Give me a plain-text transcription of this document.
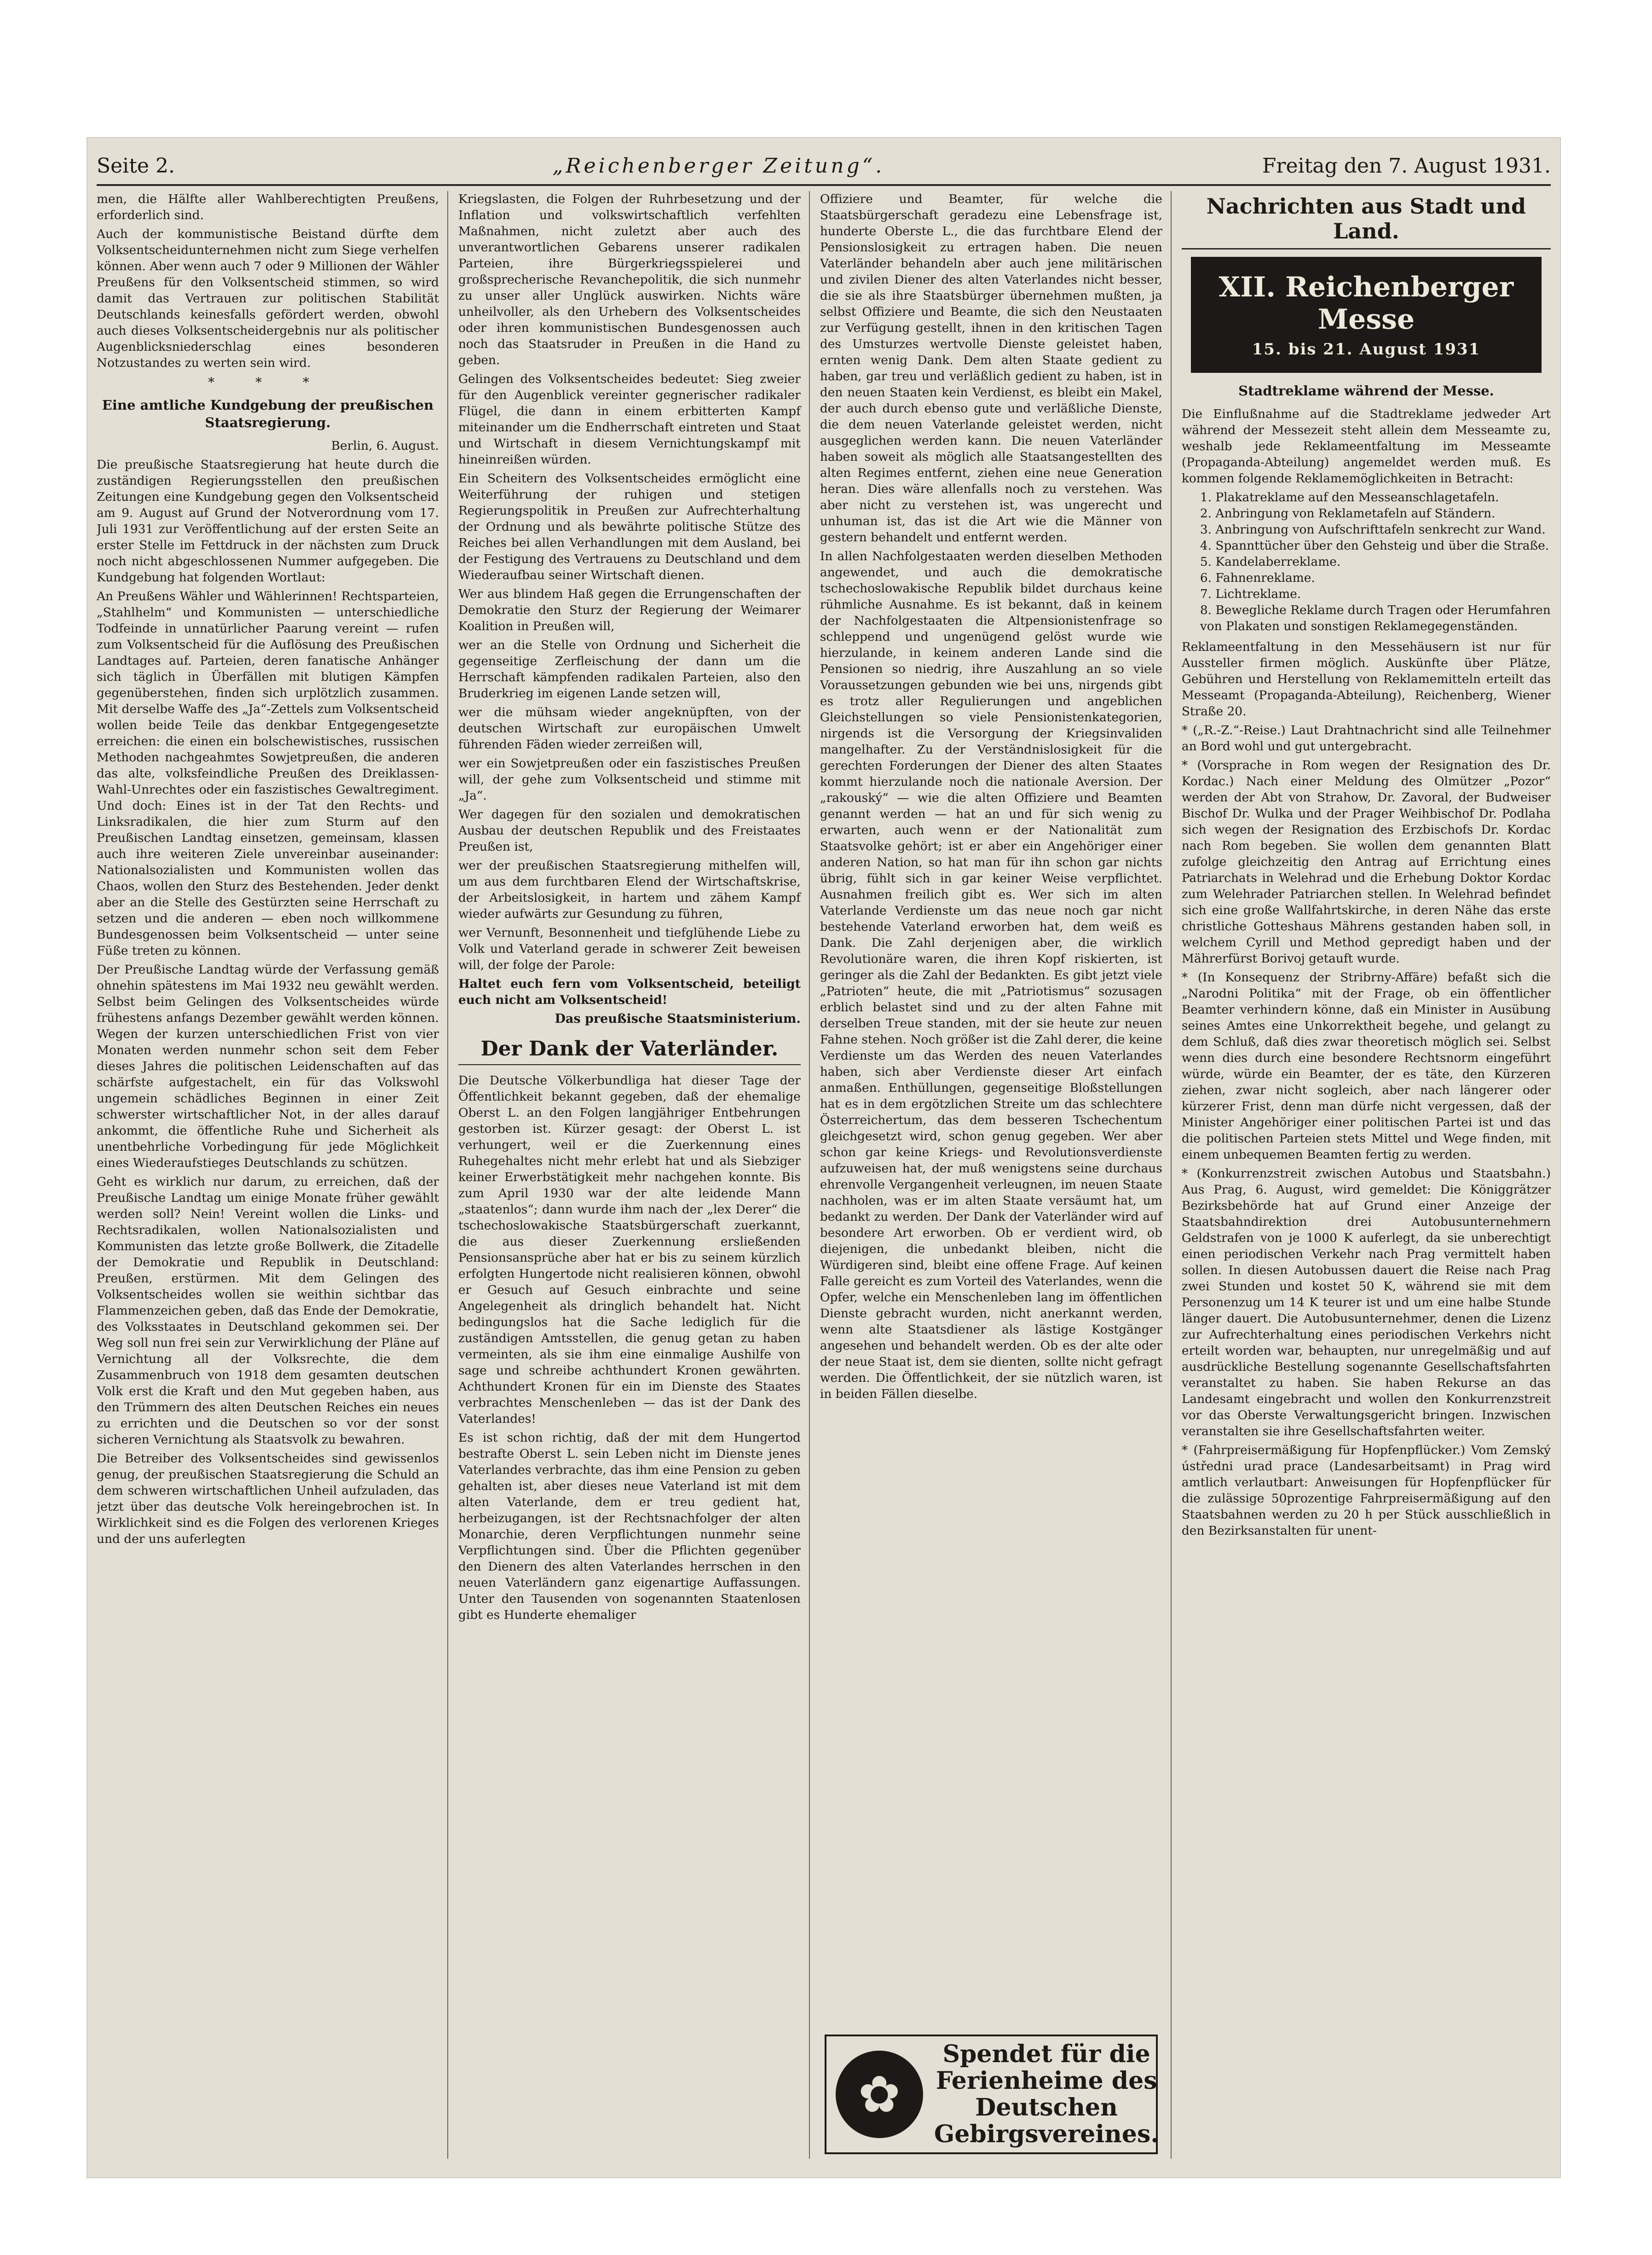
Seite 2.	„Reichenberger Zeitung“.	Freitag den 7. August 1931.

men, die Hälfte aller Wahlberechtigten Preußens, erforderlich sind.

Auch der kommunistische Beistand dürfte dem Volksentscheidunternehmen nicht zum Siege verhelfen können. Aber wenn auch 7 oder 9 Millionen der Wähler Preußens für den Volksentscheid stimmen, so wird damit das Vertrauen zur politischen Stabilität Deutschlands keinesfalls gefördert werden, obwohl auch dieses Volksentscheidergebnis nur als politischer Augenblicksniederschlag eines besonderen Notzustandes zu werten sein wird.

* * *
Eine amtliche Kundgebung der preußischen Staatsregierung.

Berlin, 6. August.

Die preußische Staatsregierung hat heute durch die zuständigen Regierungsstellen den preußischen Zeitungen eine Kundgebung gegen den Volksentscheid am 9. August auf Grund der Notverordnung vom 17. Juli 1931 zur Veröffentlichung auf der ersten Seite an erster Stelle im Fettdruck in der nächsten zum Druck noch nicht abgeschlossenen Nummer aufgegeben. Die Kundgebung hat folgenden Wortlaut:

An Preußens Wähler und Wählerinnen! Rechtsparteien, „Stahlhelm“ und Kommunisten — unterschiedliche Todfeinde in unnatürlicher Paarung vereint — rufen zum Volksentscheid für die Auflösung des Preußischen Landtages auf. Parteien, deren fanatische Anhänger sich täglich in Überfällen mit blutigen Kämpfen gegenüberstehen, finden sich urplötzlich zusammen. Mit derselbe Waffe des „Ja“-Zettels zum Volksentscheid wollen beide Teile das denkbar Entgegengesetzte erreichen: die einen ein bolschewistisches, russischen Methoden nachgeahmtes Sowjetpreußen, die anderen das alte, volksfeindliche Preußen des Dreiklassen-Wahl-Unrechtes oder ein faszistisches Gewaltregiment. Und doch: Eines ist in der Tat den Rechts- und Linksradikalen, die hier zum Sturm auf den Preußischen Landtag einsetzen, gemeinsam, klassen auch ihre weiteren Ziele unvereinbar auseinander: Nationalsozialisten und Kommunisten wollen das Chaos, wollen den Sturz des Bestehenden. Jeder denkt aber an die Stelle des Gestürzten seine Herrschaft zu setzen und die anderen — eben noch willkommene Bundesgenossen beim Volksentscheid — unter seine Füße treten zu können.

Der Preußische Landtag würde der Verfassung gemäß ohnehin spätestens im Mai 1932 neu gewählt werden. Selbst beim Gelingen des Volksentscheides würde frühestens anfangs Dezember gewählt werden können. Wegen der kurzen unterschiedlichen Frist von vier Monaten werden nunmehr schon seit dem Feber dieses Jahres die politischen Leidenschaften auf das schärfste aufgestachelt, ein für das Volkswohl ungemein schädliches Beginnen in einer Zeit schwerster wirtschaftlicher Not, in der alles darauf ankommt, die öffentliche Ruhe und Sicherheit als unentbehrliche Vorbedingung für jede Möglichkeit eines Wiederaufstieges Deutschlands zu schützen.

Geht es wirklich nur darum, zu erreichen, daß der Preußische Landtag um einige Monate früher gewählt werden soll? Nein! Vereint wollen die Links- und Rechtsradikalen, wollen Nationalsozialisten und Kommunisten das letzte große Bollwerk, die Zitadelle der Demokratie und Republik in Deutschland: Preußen, erstürmen. Mit dem Gelingen des Volksentscheides wollen sie weithin sichtbar das Flammenzeichen geben, daß das Ende der Demokratie, des Volksstaates in Deutschland gekommen sei. Der Weg soll nun frei sein zur Verwirklichung der Pläne auf Vernichtung all der Volksrechte, die dem Zusammenbruch von 1918 dem gesamten deutschen Volk erst die Kraft und den Mut gegeben haben, aus den Trümmern des alten Deutschen Reiches ein neues zu errichten und die Deutschen so vor der sonst sicheren Vernichtung als Staatsvolk zu bewahren.

Die Betreiber des Volksentscheides sind gewissenlos genug, der preußischen Staatsregierung die Schuld an dem schweren wirtschaftlichen Unheil aufzuladen, das jetzt über das deutsche Volk hereingebrochen ist. In Wirklichkeit sind es die Folgen des verlorenen Krieges und der uns auferlegten

Kriegslasten, die Folgen der Ruhrbesetzung und der Inflation und volkswirtschaftlich verfehlten Maßnahmen, nicht zuletzt aber auch des unverantwortlichen Gebarens unserer radikalen Parteien, ihre Bürgerkriegsspielerei und großsprecherische Revanchepolitik, die sich nunmehr zu unser aller Unglück auswirken. Nichts wäre unheilvoller, als den Urhebern des Volksentscheides oder ihren kommunistischen Bundesgenossen auch noch das Staatsruder in Preußen in die Hand zu geben.

Gelingen des Volksentscheides bedeutet: Sieg zweier für den Augenblick vereinter gegnerischer radikaler Flügel, die dann in einem erbitterten Kampf miteinander um die Endherrschaft eintreten und Staat und Wirtschaft in diesem Vernichtungskampf mit hineinreißen würden.

Ein Scheitern des Volksentscheides ermöglicht eine Weiterführung der ruhigen und stetigen Regierungspolitik in Preußen zur Aufrechterhaltung der Ordnung und als bewährte politische Stütze des Reiches bei allen Verhandlungen mit dem Ausland, bei der Festigung des Vertrauens zu Deutschland und dem Wiederaufbau seiner Wirtschaft dienen.

Wer aus blindem Haß gegen die Errungenschaften der Demokratie den Sturz der Regierung der Weimarer Koalition in Preußen will,

wer an die Stelle von Ordnung und Sicherheit die gegenseitige Zerfleischung der dann um die Herrschaft kämpfenden radikalen Parteien, also den Bruderkrieg im eigenen Lande setzen will,

wer die mühsam wieder angeknüpften, von der deutschen Wirtschaft zur europäischen Umwelt führenden Fäden wieder zerreißen will,

wer ein Sowjetpreußen oder ein faszistisches Preußen will, der gehe zum Volksentscheid und stimme mit „Ja“.

Wer dagegen für den sozialen und demokratischen Ausbau der deutschen Republik und des Freistaates Preußen ist,

wer der preußischen Staatsregierung mithelfen will, um aus dem furchtbaren Elend der Wirtschaftskrise, der Arbeitslosigkeit, in hartem und zähem Kampf wieder aufwärts zur Gesundung zu führen,

wer Vernunft, Besonnenheit und tiefglühende Liebe zu Volk und Vaterland gerade in schwerer Zeit beweisen will, der folge der Parole:

Haltet euch fern vom Volksentscheid, beteiligt euch nicht am Volksentscheid!

Das preußische Staatsministerium.
Der Dank der Vaterländer.

Die Deutsche Völkerbundliga hat dieser Tage der Öffentlichkeit bekannt gegeben, daß der ehemalige Oberst L. an den Folgen langjähriger Entbehrungen gestorben ist. Kürzer gesagt: der Oberst L. ist verhungert, weil er die Zuerkennung eines Ruhegehaltes nicht mehr erlebt hat und als Siebziger keiner Erwerbstätigkeit mehr nachgehen konnte. Bis zum April 1930 war der alte leidende Mann „staatenlos“; dann wurde ihm nach der „lex Derer“ die tschechoslowakische Staatsbürgerschaft zuerkannt, die aus dieser Zuerkennung ersließenden Pensionsansprüche aber hat er bis zu seinem kürzlich erfolgten Hungertode nicht realisieren können, obwohl er Gesuch auf Gesuch einbrachte und seine Angelegenheit als dringlich behandelt hat. Nicht bedingungslos hat die Sache lediglich für die zuständigen Amtsstellen, die genug getan zu haben vermeinten, als sie ihm eine einmalige Aushilfe von sage und schreibe achthundert Kronen gewährten. Achthundert Kronen für ein im Dienste des Staates verbrachtes Menschenleben — das ist der Dank des Vaterlandes!

Es ist schon richtig, daß der mit dem Hungertod bestrafte Oberst L. sein Leben nicht im Dienste jenes Vaterlandes verbrachte, das ihm eine Pension zu geben gehalten ist, aber dieses neue Vaterland ist mit dem alten Vaterlande, dem er treu gedient hat, herbeizugangen, ist der Rechtsnachfolger der alten Monarchie, deren Verpflichtungen nunmehr seine Verpflichtungen sind. Über die Pflichten gegenüber den Dienern des alten Vaterlandes herrschen in den neuen Vaterländern ganz eigenartige Auffassungen. Unter den Tausenden von sogenannten Staatenlosen gibt es Hunderte ehemaliger

Offiziere und Beamter, für welche die Staatsbürgerschaft geradezu eine Lebensfrage ist, hunderte Oberste L., die das furchtbare Elend der Pensionslosigkeit zu ertragen haben. Die neuen Vaterländer behandeln aber auch jene militärischen und zivilen Diener des alten Vaterlandes nicht besser, die sie als ihre Staatsbürger übernehmen mußten, ja selbst Offiziere und Beamte, die sich den Neustaaten zur Verfügung gestellt, ihnen in den kritischen Tagen des Umsturzes wertvolle Dienste geleistet haben, ernten wenig Dank. Dem alten Staate gedient zu haben, gar treu und verläßlich gedient zu haben, ist in den neuen Staaten kein Verdienst, es bleibt ein Makel, der auch durch ebenso gute und verläßliche Dienste, die dem neuen Vaterlande geleistet werden, nicht ausgeglichen werden kann. Die neuen Vaterländer haben soweit als möglich alle Staatsangestellten des alten Regimes entfernt, ziehen eine neue Generation heran. Dies wäre allenfalls noch zu verstehen. Was aber nicht zu verstehen ist, was ungerecht und unhuman ist, das ist die Art wie die Männer von gestern behandelt und entfernt werden.

In allen Nachfolgestaaten werden dieselben Methoden angewendet, und auch die demokratische tschechoslowakische Republik bildet durchaus keine rühmliche Ausnahme. Es ist bekannt, daß in keinem der Nachfolgestaaten die Altpensionistenfrage so schleppend und ungenügend gelöst wurde wie hierzulande, in keinem anderen Lande sind die Pensionen so niedrig, ihre Auszahlung an so viele Voraussetzungen gebunden wie bei uns, nirgends gibt es trotz aller Regulierungen und angeblichen Gleichstellungen so viele Pensionistenkategorien, nirgends ist die Versorgung der Kriegsinvaliden mangelhafter. Zu der Verständnislosigkeit für die gerechten Forderungen der Diener des alten Staates kommt hierzulande noch die nationale Aversion. Der „rakouský“ — wie die alten Offiziere und Beamten genannt werden — hat an und für sich wenig zu erwarten, auch wenn er der Nationalität zum Staatsvolke gehört; ist er aber ein Angehöriger einer anderen Nation, so hat man für ihn schon gar nichts übrig, fühlt sich in gar keiner Weise verpflichtet. Ausnahmen freilich gibt es. Wer sich im alten Vaterlande Verdienste um das neue noch gar nicht bestehende Vaterland erworben hat, dem weiß es Dank. Die Zahl derjenigen aber, die wirklich Revolutionäre waren, die ihren Kopf riskierten, ist geringer als die Zahl der Bedankten. Es gibt jetzt viele „Patrioten“ heute, die mit „Patriotismus“ sozusagen erblich belastet sind und zu der alten Fahne mit derselben Treue standen, mit der sie heute zur neuen Fahne stehen. Noch größer ist die Zahl derer, die keine Verdienste um das Werden des neuen Vaterlandes haben, sich aber Verdienste dieser Art einfach anmaßen. Enthüllungen, gegenseitige Bloßstellungen hat es in dem ergötzlichen Streite um das schlechtere Österreichertum, das dem besseren Tschechentum gleichgesetzt wird, schon genug gegeben. Wer aber schon gar keine Kriegs- und Revolutionsverdienste aufzuweisen hat, der muß wenigstens seine durchaus ehrenvolle Vergangenheit verleugnen, im neuen Staate nachholen, was er im alten Staate versäumt hat, um bedankt zu werden. Der Dank der Vaterländer wird auf besondere Art erworben. Ob er verdient wird, ob diejenigen, die unbedankt bleiben, nicht die Würdigeren sind, bleibt eine offene Frage. Auf keinen Falle gereicht es zum Vorteil des Vaterlandes, wenn die Opfer, welche ein Menschenleben lang im öffentlichen Dienste gebracht wurden, nicht anerkannt werden, wenn alte Staatsdiener als lästige Kostgänger angesehen und behandelt werden. Ob es der alte oder der neue Staat ist, dem sie dienten, sollte nicht gefragt werden. Die Öffentlichkeit, der sie nützlich waren, ist in beiden Fällen dieselbe.

✿
Spendet für die Ferienheime des Deutschen Gebirgsvereines.
Nachrichten aus Stadt und Land.
XII. Reichenberger Messe
15. bis 21. August 1931
Stadtreklame während der Messe.

Die Einflußnahme auf die Stadtreklame jedweder Art während der Messezeit steht allein dem Messeamte zu, weshalb jede Reklameentfaltung im Messeamte (Propaganda-Abteilung) angemeldet werden muß. Es kommen folgende Reklamemöglichkeiten in Betracht:

1. Plakatreklame auf den Messeanschlagetafeln.
2. Anbringung von Reklametafeln auf Ständern.
3. Anbringung von Aufschrifttafeln senkrecht zur Wand.
4. Spannttücher über den Gehsteig und über die Straße.
5. Kandelaberreklame.
6. Fahnenreklame.
7. Lichtreklame.
8. Bewegliche Reklame durch Tragen oder Herumfahren von Plakaten und sonstigen Reklamegegenständen.

Reklameentfaltung in den Messehäusern ist nur für Aussteller firmen möglich. Auskünfte über Plätze, Gebühren und Herstellung von Reklamemitteln erteilt das Messeamt (Propaganda-Abteilung), Reichenberg, Wiener Straße 20.

* („R.-Z.“-Reise.) Laut Drahtnachricht sind alle Teilnehmer an Bord wohl und gut untergebracht.

* (Vorsprache in Rom wegen der Resignation des Dr. Kordac.) Nach einer Meldung des Olmützer „Pozor“ werden der Abt von Strahow, Dr. Zavoral, der Budweiser Bischof Dr. Wulka und der Prager Weihbischof Dr. Podlaha sich wegen der Resignation des Erzbischofs Dr. Kordac nach Rom begeben. Sie wollen dem genannten Blatt zufolge gleichzeitig den Antrag auf Errichtung eines Patriarchats in Welehrad und die Erhebung Doktor Kordac zum Welehrader Patriarchen stellen. In Welehrad befindet sich eine große Wallfahrtskirche, in deren Nähe das erste christliche Gotteshaus Mährens gestanden haben soll, in welchem Cyrill und Method gepredigt haben und der Mährerfürst Borivoj getauft wurde.

* (In Konsequenz der Stribrny-Affäre) befaßt sich die „Narodni Politika“ mit der Frage, ob ein öffentlicher Beamter verhindern könne, daß ein Minister in Ausübung seines Amtes eine Unkorrektheit begehe, und gelangt zu dem Schluß, daß dies zwar theoretisch möglich sei. Selbst wenn dies durch eine besondere Rechtsnorm eingeführt würde, würde ein Beamter, der es täte, den Kürzeren ziehen, zwar nicht sogleich, aber nach längerer oder kürzerer Frist, denn man dürfe nicht vergessen, daß der Minister Angehöriger einer politischen Partei ist und das die politischen Parteien stets Mittel und Wege finden, mit einem unbequemen Beamten fertig zu werden.

* (Konkurrenzstreit zwischen Autobus und Staatsbahn.) Aus Prag, 6. August, wird gemeldet: Die Königgrätzer Bezirksbehörde hat auf Grund einer Anzeige der Staatsbahndirektion drei Autobusunternehmern Geldstrafen von je 1000 K auferlegt, da sie unberechtigt einen periodischen Verkehr nach Prag vermittelt haben sollen. In diesen Autobussen dauert die Reise nach Prag zwei Stunden und kostet 50 K, während sie mit dem Personenzug um 14 K teurer ist und um eine halbe Stunde länger dauert. Die Autobusunternehmer, denen die Lizenz zur Aufrechterhaltung eines periodischen Verkehrs nicht erteilt worden war, behaupten, nur unregelmäßig und auf ausdrückliche Bestellung sogenannte Gesellschaftsfahrten veranstaltet zu haben. Sie haben Rekurse an das Landesamt eingebracht und wollen den Konkurrenzstreit vor das Oberste Verwaltungsgericht bringen. Inzwischen veranstalten sie ihre Gesellschaftsfahrten weiter.

* (Fahrpreisermäßigung für Hopfenpflücker.) Vom Zemský ústředni urad prace (Landesarbeitsamt) in Prag wird amtlich verlautbart: Anweisungen für Hopfenpflücker für die zulässige 50prozentige Fahrpreisermäßigung auf den Staatsbahnen werden zu 20 h per Stück ausschließlich in den Bezirksanstalten für unent-
